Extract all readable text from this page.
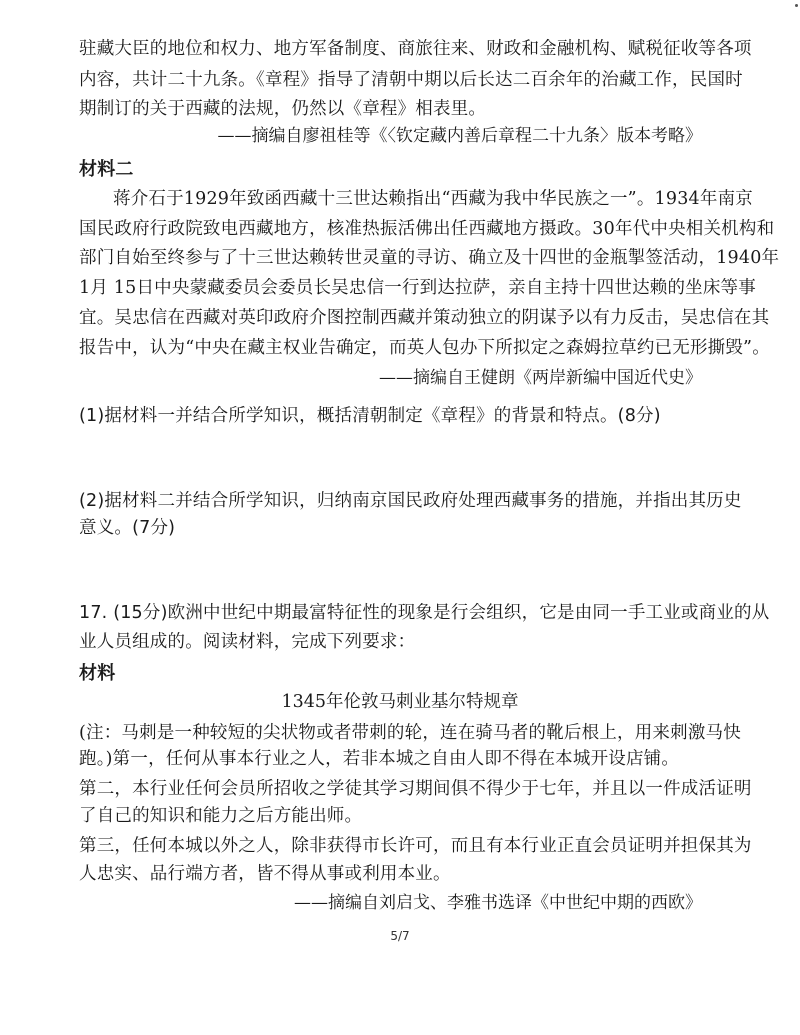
驻藏大臣的地位和权力、地方军备制度、商旅往来、财政和金融机构、赋税征收等各项
内容，共计二十九条。《章程》指导了清朝中期以后长达二百余年的治藏工作，民国时
期制订的关于西藏的法规，仍然以《章程》相表里。
——摘编自廖祖桂等《〈钦定藏内善后章程二十九条〉版本考略》
材料二
蒋介石于1929年致函西藏十三世达赖指出“西藏为我中华民族之一”。1934年南京
国民政府行政院致电西藏地方，核准热振活佛出任西藏地方摄政。30年代中央相关机构和
部门自始至终参与了十三世达赖转世灵童的寻访、确立及十四世的金瓶掣签活动，1940年
1月 15日中央蒙藏委员会委员长吴忠信一行到达拉萨，亲自主持十四世达赖的坐床等事
宜。吴忠信在西藏对英印政府介图控制西藏并策动独立的阴谋予以有力反击，吴忠信在其
报告中，认为“中央在藏主权业告确定，而英人包办下所拟定之森姆拉草约已无形撕毁”。
——摘编自王健朗《两岸新编中国近代史》
(1)据材料一并结合所学知识，概括清朝制定《章程》的背景和特点。(8分)
(2)据材料二并结合所学知识，归纳南京国民政府处理西藏事务的措施，并指出其历史
意义。(7分)
17. (15分)欧洲中世纪中期最富特征性的现象是行会组织，它是由同一手工业或商业的从
业人员组成的。阅读材料，完成下列要求：
材料
1345年伦敦马刺业基尔特规章
(注：马刺是一种较短的尖状物或者带刺的轮，连在骑马者的靴后根上，用来刺激马快
跑。)第一，任何从事本行业之人，若非本城之自由人即不得在本城开设店铺。
第二，本行业任何会员所招收之学徒其学习期间俱不得少于七年，并且以一件成活证明
了自己的知识和能力之后方能出师。
第三，任何本城以外之人，除非获得市长许可，而且有本行业正直会员证明并担保其为
人忠实、品行端方者，皆不得从事或利用本业。
——摘编自刘启戈、李雅书选译《中世纪中期的西欧》
5/7
